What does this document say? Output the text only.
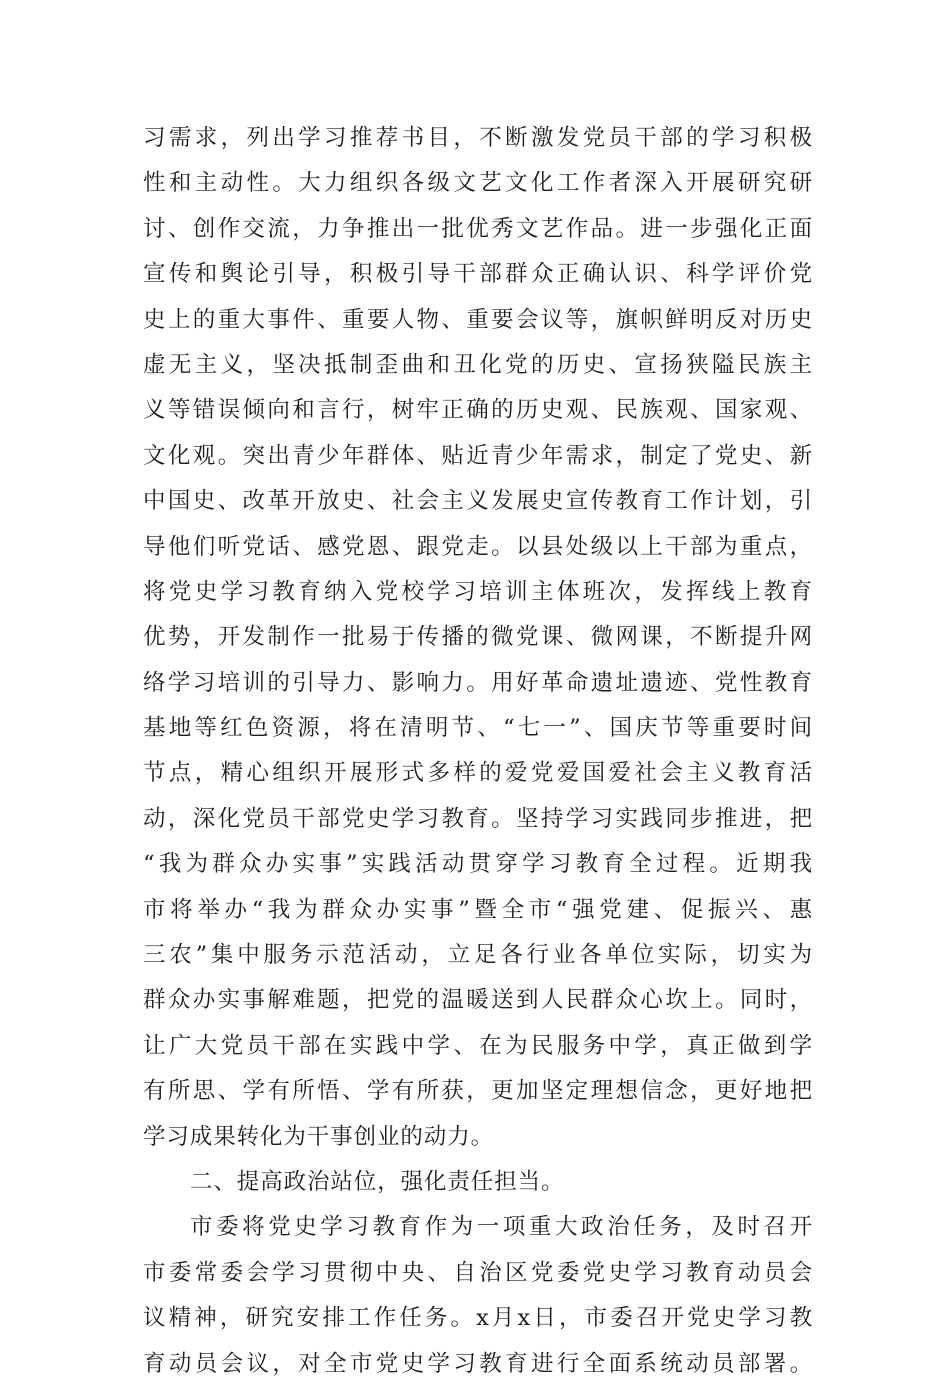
习需求，列出学习推荐书目，不断激发党员干部的学习积极
性和主动性。大力组织各级文艺文化工作者深入开展研究研
讨、创作交流，力争推出一批优秀文艺作品。进一步强化正面
宣传和舆论引导，积极引导干部群众正确认识、科学评价党
史上的重大事件、重要人物、重要会议等，旗帜鲜明反对历史
虚无主义，坚决抵制歪曲和丑化党的历史、宣扬狭隘民族主
义等错误倾向和言行，树牢正确的历史观、民族观、国家观、
文化观。突出青少年群体、贴近青少年需求，制定了党史、新
中国史、改革开放史、社会主义发展史宣传教育工作计划，引
导他们听党话、感党恩、跟党走。以县处级以上干部为重点，
将党史学习教育纳入党校学习培训主体班次，发挥线上教育
优势，开发制作一批易于传播的微党课、微网课，不断提升网
络学习培训的引导力、影响力。用好革命遗址遗迹、党性教育
基地等红色资源，将在清明节、“七一”、国庆节等重要时间
节点，精心组织开展形式多样的爱党爱国爱社会主义教育活
动，深化党员干部党史学习教育。坚持学习实践同步推进，把
“我为群众办实事”实践活动贯穿学习教育全过程。近期我
市将举办“我为群众办实事”暨全市“强党建、促振兴、惠
三农”集中服务示范活动，立足各行业各单位实际，切实为
群众办实事解难题，把党的温暖送到人民群众心坎上。同时，
让广大党员干部在实践中学、在为民服务中学，真正做到学
有所思、学有所悟、学有所获，更加坚定理想信念，更好地把
学习成果转化为干事创业的动力。

二、提高政治站位，强化责任担当。

市委将党史学习教育作为一项重大政治任务，及时召开
市委常委会学习贯彻中央、自治区党委党史学习教育动员会
议精神，研究安排工作任务。x月x日，市委召开党史学习教
育动员会议，对全市党史学习教育进行全面系统动员部署。
